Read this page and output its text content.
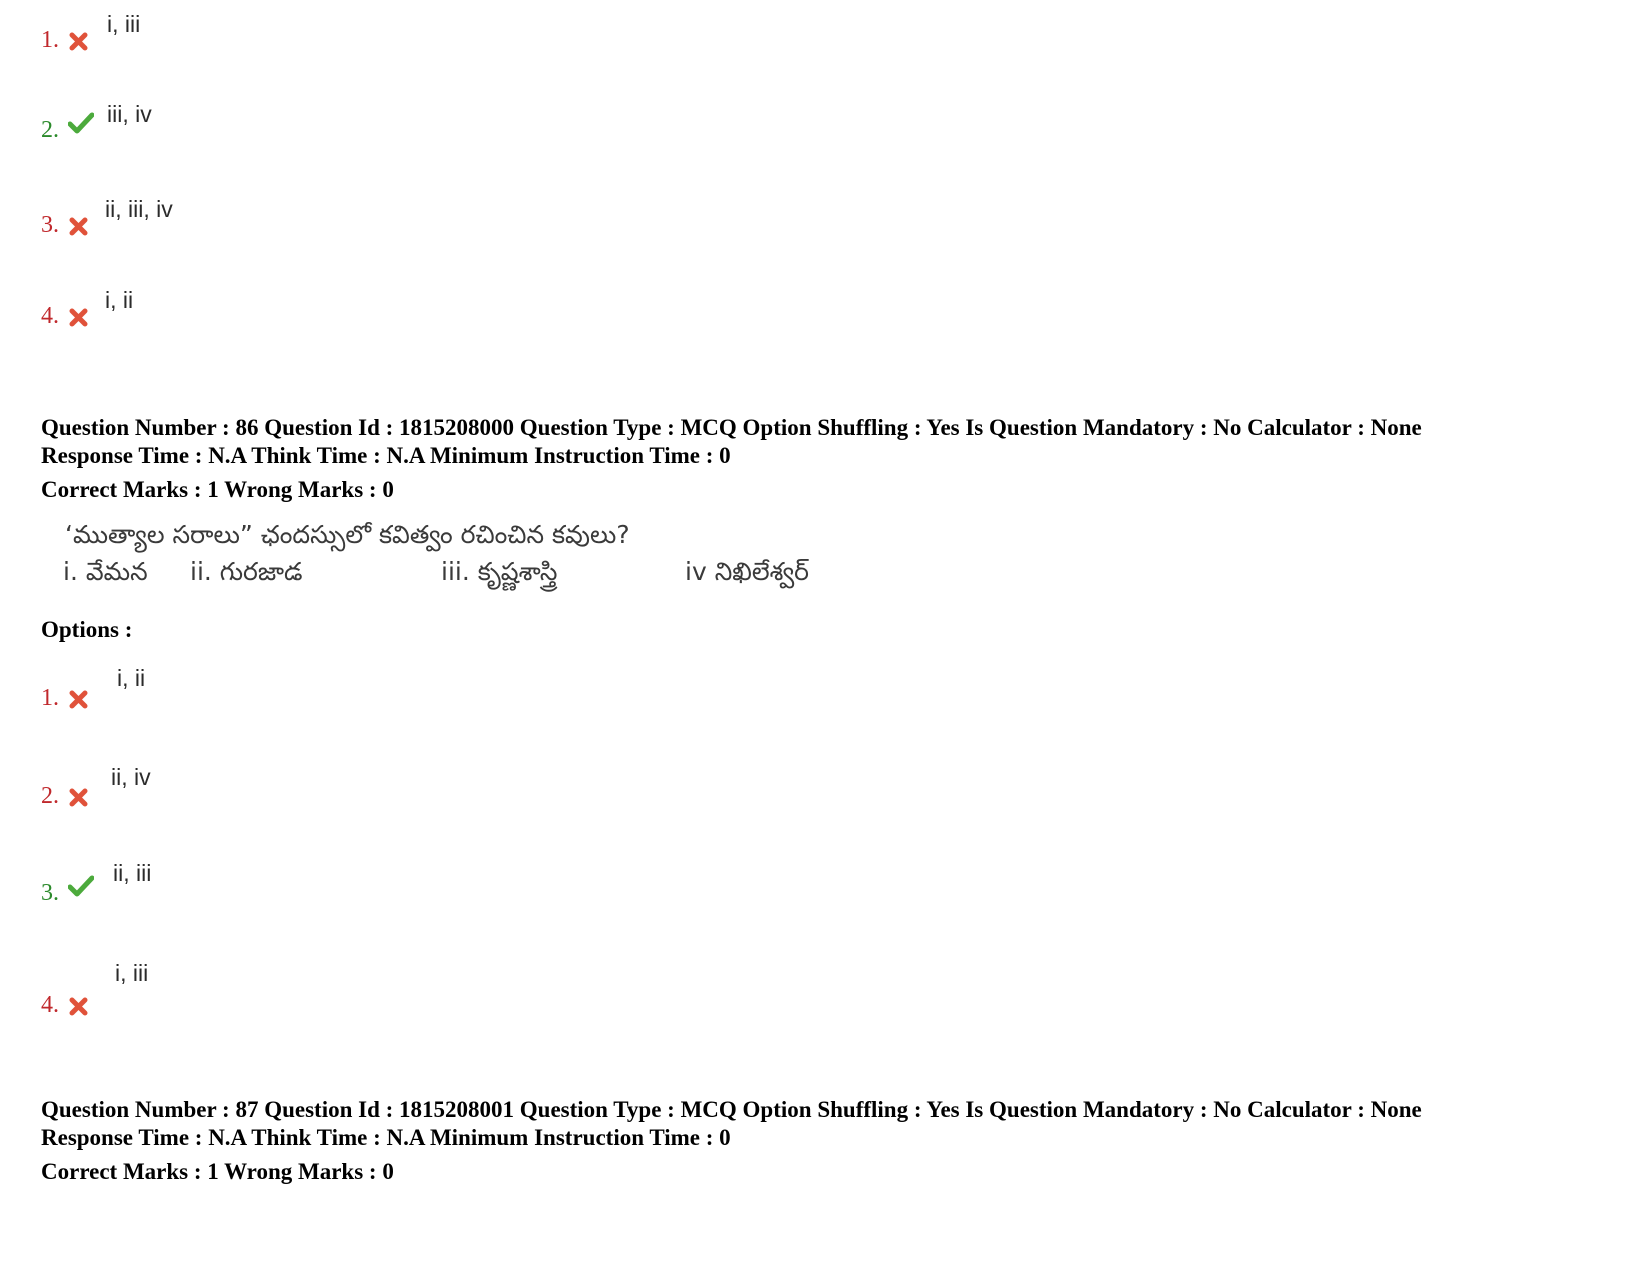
1.
i, iii
2.
iii, iv
3.
ii, iii, iv
4.
i, ii
Question Number : 86 Question Id : 1815208000 Question Type : MCQ Option Shuffling : Yes Is Question Mandatory : No Calculator : None
Response Time : N.A Think Time : N.A Minimum Instruction Time : 0
Correct Marks : 1 Wrong Marks : 0
‘ముత్యాల సరాలు” ఛందస్సులో కవిత్వం రచించిన కవులు?
i. వేమన ii. గురజాడ	iii. కృష్ణశాస్త్రి	iv నిఖిలేశ్వర్
Options :
1.
i, ii
2.
ii, iv
3.
ii, iii
4.
i, iii
Question Number : 87 Question Id : 1815208001 Question Type : MCQ Option Shuffling : Yes Is Question Mandatory : No Calculator : None
Response Time : N.A Think Time : N.A Minimum Instruction Time : 0
Correct Marks : 1 Wrong Marks : 0
